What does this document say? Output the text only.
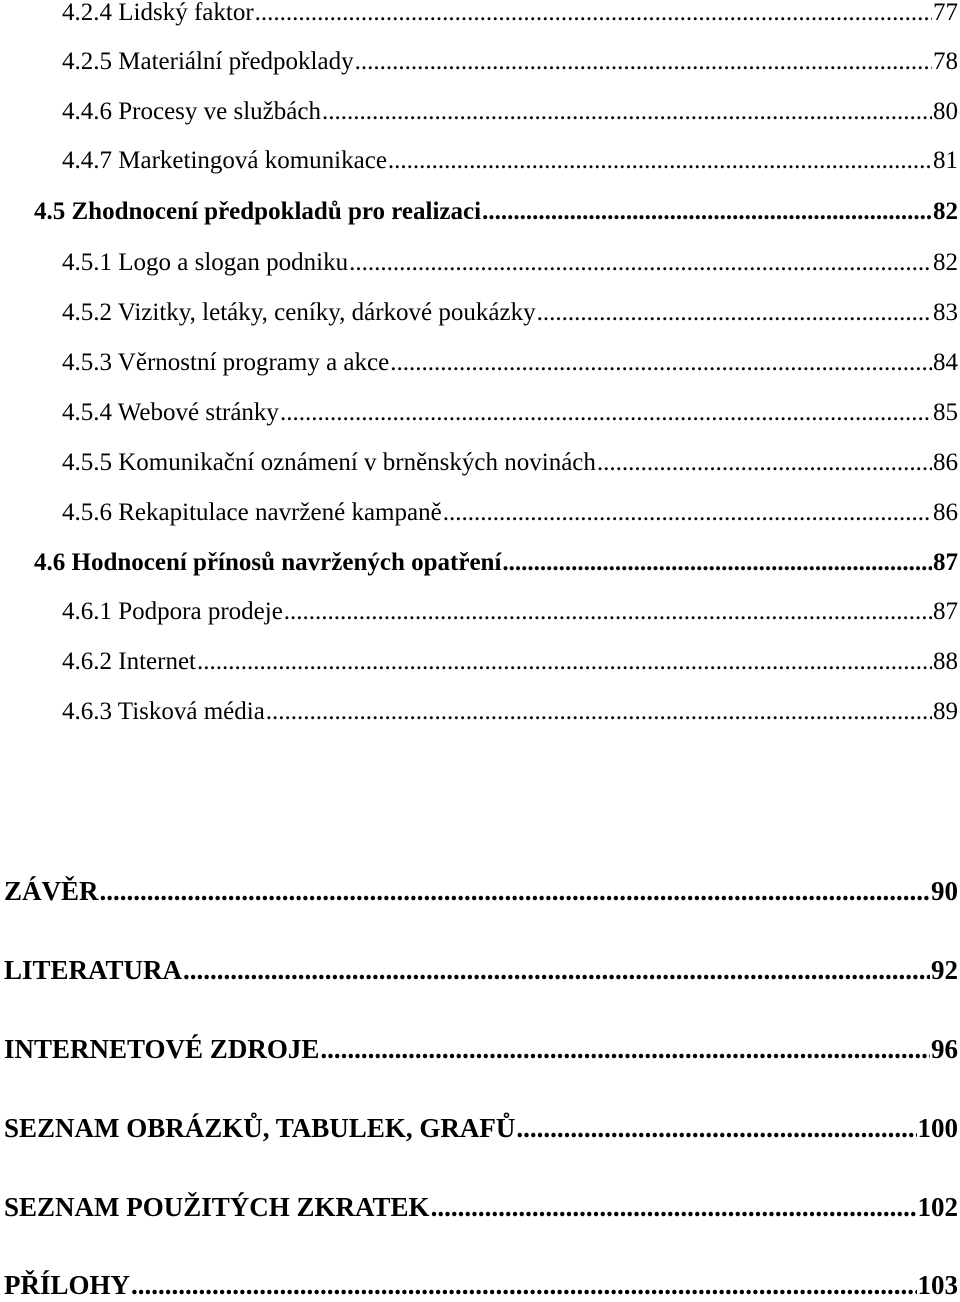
4.2.4 Lidský faktor .....	77
4.2.5 Materiální předpoklady .....	78
4.4.6 Procesy ve službách .....	80
4.4.7 Marketingová komunikace .....	81
4.5 Zhodnocení předpokladů pro realizaci .....	82
4.5.1 Logo a slogan podniku .....	82
4.5.2 Vizitky, letáky, ceníky, dárkové poukázky .....	83
4.5.3 Věrnostní programy a akce .....	84
4.5.4 Webové stránky .....	85
4.5.5 Komunikační oznámení v brněnských novinách .....	86
4.5.6 Rekapitulace navržené kampaně .....	86
4.6 Hodnocení přínosů navržených opatření .....	87
4.6.1 Podpora prodeje .....	87
4.6.2 Internet .....	88
4.6.3 Tisková média .....	89
ZÁVĚR .....	90
LITERATURA .....	92
INTERNETOVÉ ZDROJE .....	96
SEZNAM OBRÁZKŮ, TABULEK, GRAFŮ .....	100
SEZNAM POUŽITÝCH ZKRATEK .....	102
PŘÍLOHY .....	103
